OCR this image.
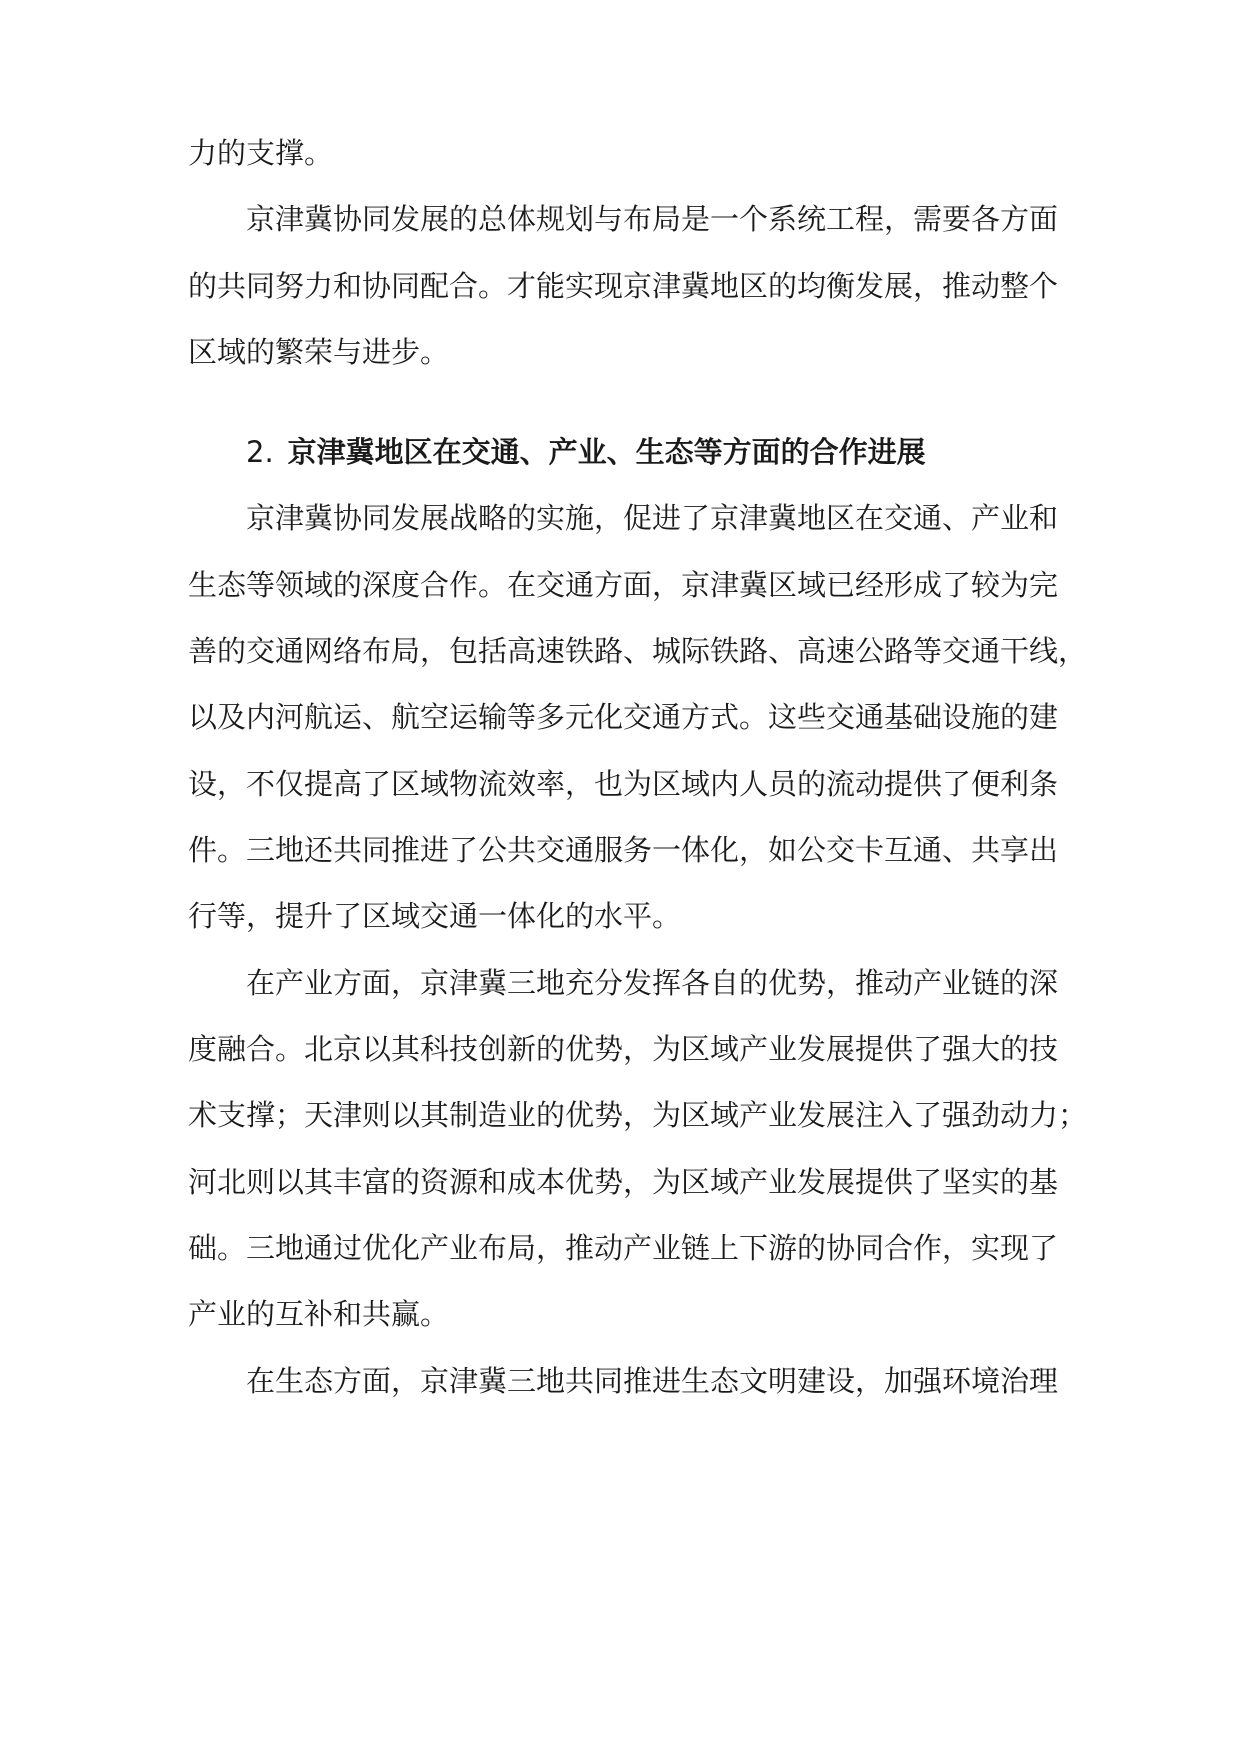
力的支撑。
京津冀协同发展的总体规划与布局是一个系统工程，需要各方面
的共同努力和协同配合。才能实现京津冀地区的均衡发展，推动整个
区域的繁荣与进步。
2. 京津冀地区在交通、产业、生态等方面的合作进展
京津冀协同发展战略的实施，促进了京津冀地区在交通、产业和
生态等领域的深度合作。在交通方面，京津冀区域已经形成了较为完
善的交通网络布局，包括高速铁路、城际铁路、高速公路等交通干线，
以及内河航运、航空运输等多元化交通方式。这些交通基础设施的建
设，不仅提高了区域物流效率，也为区域内人员的流动提供了便利条
件。三地还共同推进了公共交通服务一体化，如公交卡互通、共享出
行等，提升了区域交通一体化的水平。
在产业方面，京津冀三地充分发挥各自的优势，推动产业链的深
度融合。北京以其科技创新的优势，为区域产业发展提供了强大的技
术支撑；天津则以其制造业的优势，为区域产业发展注入了强劲动力；
河北则以其丰富的资源和成本优势，为区域产业发展提供了坚实的基
础。三地通过优化产业布局，推动产业链上下游的协同合作，实现了
产业的互补和共赢。
在生态方面，京津冀三地共同推进生态文明建设，加强环境治理
